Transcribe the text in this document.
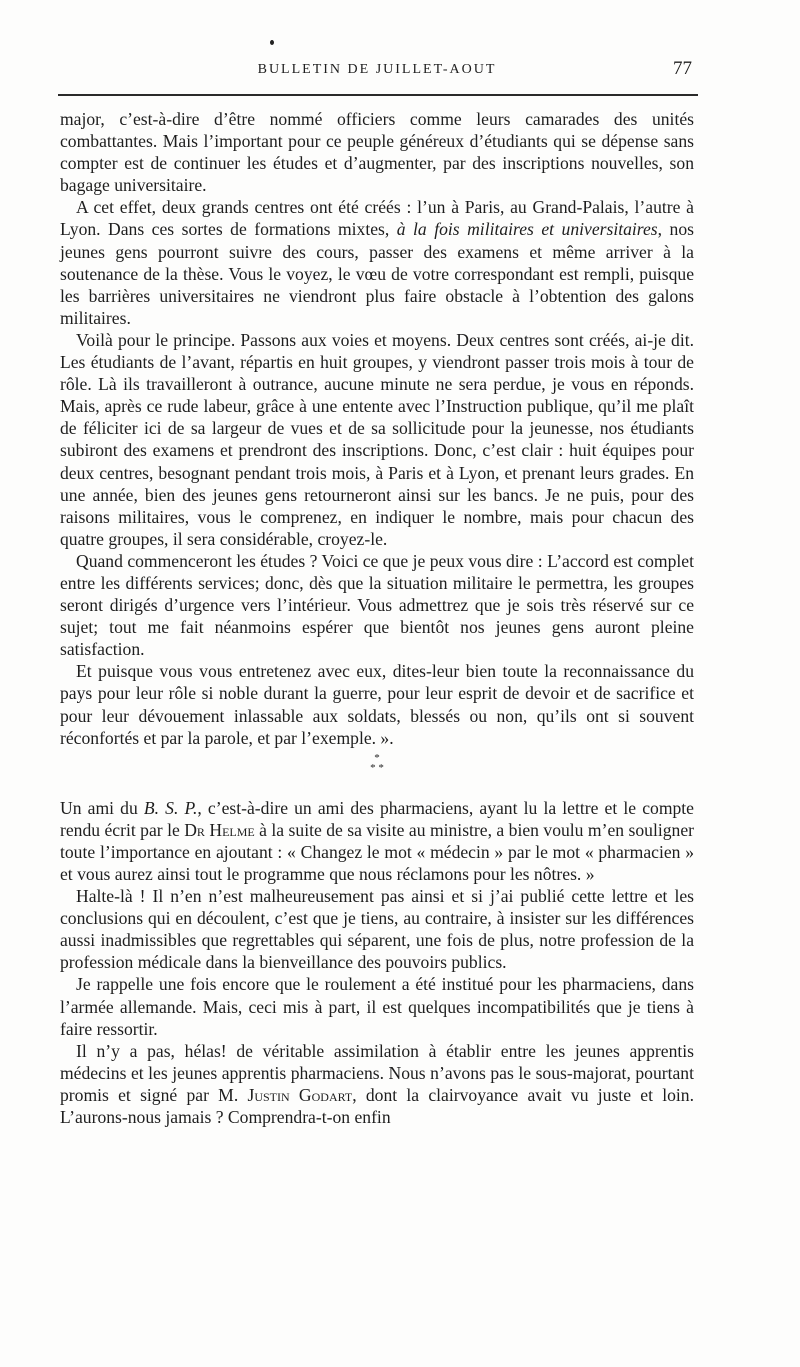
BULLETIN DE JUILLET-AOUT	77

major, c’est-à-dire d’être nommé officiers comme leurs camarades des unités combattantes. Mais l’important pour ce peuple généreux d’étudiants qui se dépense sans compter est de continuer les études et d’augmenter, par des inscriptions nouvelles, son bagage universitaire.

A cet effet, deux grands centres ont été créés : l’un à Paris, au Grand-Palais, l’autre à Lyon. Dans ces sortes de formations mixtes, à la fois militaires et universitaires, nos jeunes gens pourront suivre des cours, passer des examens et même arriver à la soutenance de la thèse. Vous le voyez, le vœu de votre correspondant est rempli, puisque les barrières universitaires ne viendront plus faire obstacle à l’obtention des galons militaires.

Voilà pour le principe. Passons aux voies et moyens. Deux centres sont créés, ai-je dit. Les étudiants de l’avant, répartis en huit groupes, y viendront passer trois mois à tour de rôle. Là ils travailleront à outrance, aucune minute ne sera perdue, je vous en réponds. Mais, après ce rude labeur, grâce à une entente avec l’Instruction publique, qu’il me plaît de féliciter ici de sa largeur de vues et de sa sollicitude pour la jeunesse, nos étudiants subiront des examens et prendront des inscriptions. Donc, c’est clair : huit équipes pour deux centres, besognant pendant trois mois, à Paris et à Lyon, et prenant leurs grades. En une année, bien des jeunes gens retourneront ainsi sur les bancs. Je ne puis, pour des raisons militaires, vous le comprenez, en indiquer le nombre, mais pour chacun des quatre groupes, il sera considérable, croyez-le.

Quand commenceront les études ? Voici ce que je peux vous dire : L’accord est complet entre les différents services; donc, dès que la situation militaire le permettra, les groupes seront dirigés d’urgence vers l’intérieur. Vous admettrez que je sois très réservé sur ce sujet; tout me fait néanmoins espérer que bientôt nos jeunes gens auront pleine satisfaction.

Et puisque vous vous entretenez avec eux, dites-leur bien toute la reconnaissance du pays pour leur rôle si noble durant la guerre, pour leur esprit de devoir et de sacrifice et pour leur dévouement inlassable aux soldats, blessés ou non, qu’ils ont si souvent réconfortés et par la parole, et par l’exemple. ».

*
* *

Un ami du B. S. P., c’est-à-dire un ami des pharmaciens, ayant lu la lettre et le compte rendu écrit par le Dr Helme à la suite de sa visite au ministre, a bien voulu m’en souligner toute l’importance en ajoutant : « Changez le mot « médecin » par le mot « pharmacien » et vous aurez ainsi tout le programme que nous réclamons pour les nôtres. »

Halte-là ! Il n’en n’est malheureusement pas ainsi et si j’ai publié cette lettre et les conclusions qui en découlent, c’est que je tiens, au contraire, à insister sur les différences aussi inadmissibles que regrettables qui séparent, une fois de plus, notre profession de la profession médicale dans la bienveillance des pouvoirs publics.

Je rappelle une fois encore que le roulement a été institué pour les pharmaciens, dans l’armée allemande. Mais, ceci mis à part, il est quelques incompatibilités que je tiens à faire ressortir.

Il n’y a pas, hélas! de véritable assimilation à établir entre les jeunes apprentis médecins et les jeunes apprentis pharmaciens. Nous n’avons pas le sous-majorat, pourtant promis et signé par M. Justin Godart, dont la clairvoyance avait vu juste et loin. L’aurons-nous jamais ? Comprendra-t-on enfin
